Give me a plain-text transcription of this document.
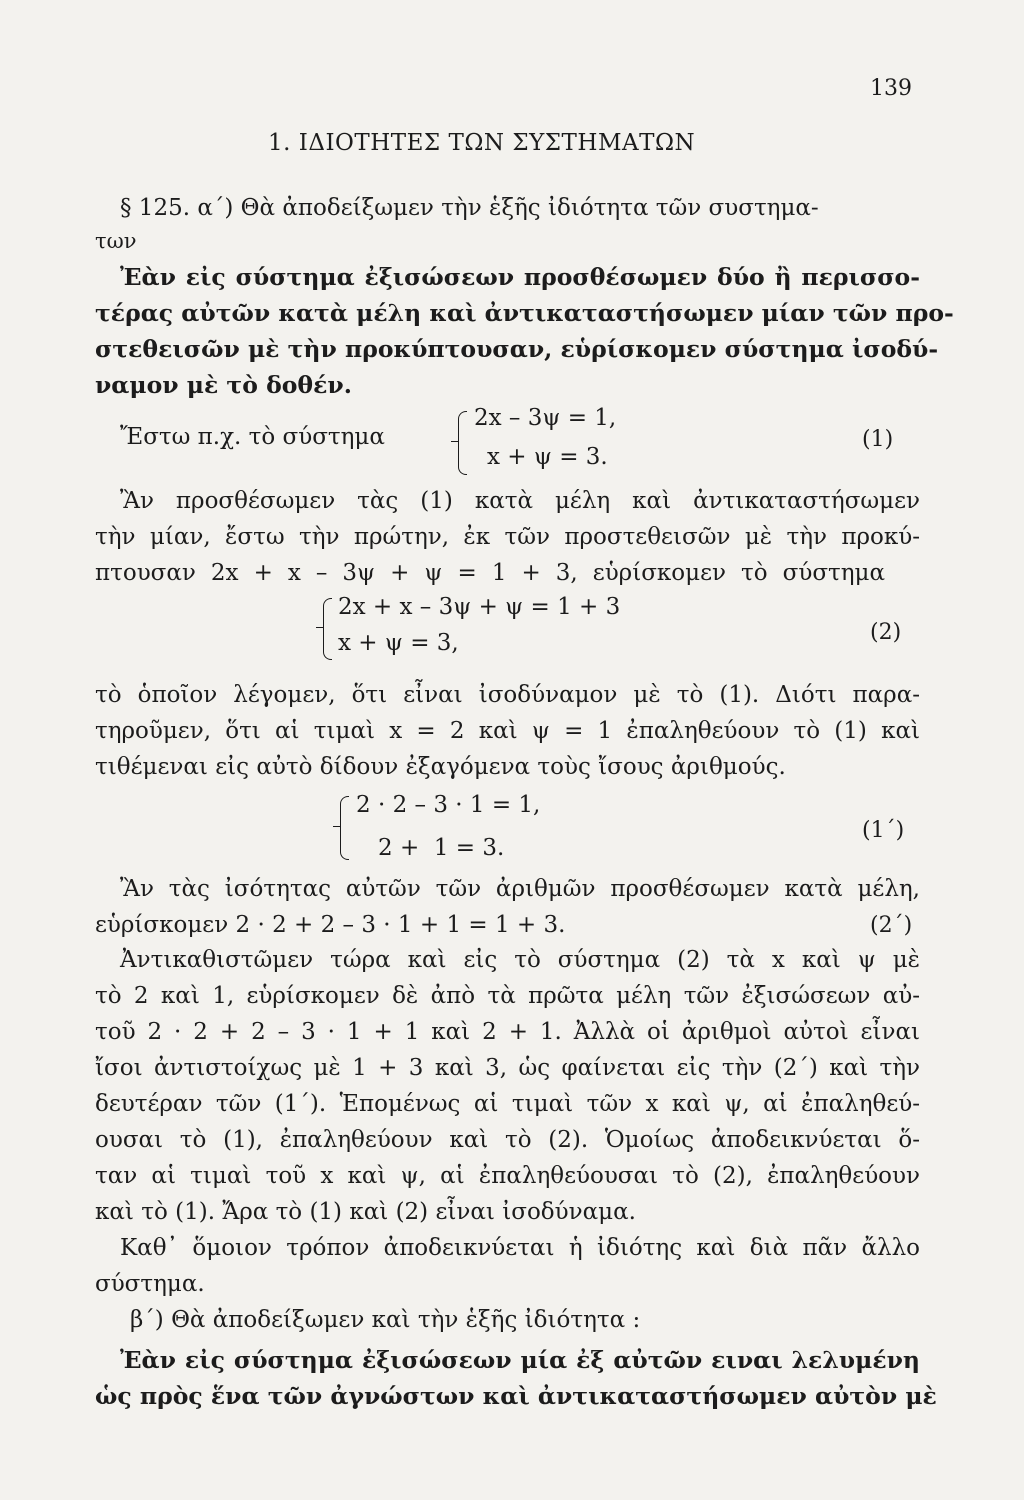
139
1. ΙΔΙΟΤΗΤΕΣ ΤΩΝ ΣΥΣΤΗΜΑΤΩΝ
§ 125. α΄) Θὰ ἀποδείξωμεν τὴν ἑξῆς ἰδιότητα τῶν συστημα-
των
Ἐὰν εἰς σύστημα ἐξισώσεων προσθέσωμεν δύο ἢ περισσο-
τέρας αὐτῶν κατὰ μέλη καὶ ἀντικαταστήσωμεν μίαν τῶν προ-
στεθεισῶν μὲ τὴν προκύπτουσαν, εὑρίσκομεν σύστημα ἰσοδύ-
ναμον μὲ τὸ δοθέν.
Ἔστω π.χ. τὸ σύστημα
2x – 3ψ = 1,
x + ψ = 3.
(1)
Ἂν προσθέσωμεν τὰς (1) κατὰ μέλη καὶ ἀντικαταστήσωμεν
τὴν μίαν, ἔστω τὴν πρώτην, ἐκ τῶν προστεθεισῶν μὲ τὴν προκύ-
πτουσαν 2x + x – 3ψ + ψ = 1 + 3, εὑρίσκομεν τὸ σύστημα
2x + x – 3ψ + ψ = 1 + 3
x + ψ = 3,	(2)
τὸ ὁποῖον λέγομεν, ὅτι εἶναι ἰσοδύναμον μὲ τὸ (1). Διότι παρα-
τηροῦμεν, ὅτι αἱ τιμαὶ x = 2 καὶ ψ = 1 ἐπαληθεύουν τὸ (1) καὶ
τιθέμεναι εἰς αὐτὸ δίδουν ἐξαγόμενα τοὺς ἴσους ἀριθμούς.
2 · 2 – 3 · 1 = 1,
2 +  1 = 3.
(1΄)
Ἂν τὰς ἰσότητας αὐτῶν τῶν ἀριθμῶν προσθέσωμεν κατὰ μέλη,
εὑρίσκομεν 2 · 2 + 2 – 3 · 1 + 1 = 1 + 3.	(2΄)
Ἀντικαθιστῶμεν τώρα καὶ εἰς τὸ σύστημα (2) τὰ x καὶ ψ μὲ
τὸ 2 καὶ 1, εὑρίσκομεν δὲ ἀπὸ τὰ πρῶτα μέλη τῶν ἐξισώσεων αὐ-
τοῦ 2 · 2 + 2 – 3 · 1 + 1 καὶ 2 + 1. Ἀλλὰ οἱ ἀριθμοὶ αὐτοὶ εἶναι
ἴσοι ἀντιστοίχως μὲ 1 + 3 καὶ 3, ὡς φαίνεται εἰς τὴν (2΄) καὶ τὴν
δευτέραν τῶν (1΄). Ἑπομένως αἱ τιμαὶ τῶν x καὶ ψ, αἱ ἐπαληθεύ-
ουσαι τὸ (1), ἐπαληθεύουν καὶ τὸ (2). Ὁμοίως ἀποδεικνύεται ὅ-
ταν αἱ τιμαὶ τοῦ x καὶ ψ, αἱ ἐπαληθεύουσαι τὸ (2), ἐπαληθεύουν
καὶ τὸ (1). Ἄρα τὸ (1) καὶ (2) εἶναι ἰσοδύναμα.
Καθ᾿ ὅμοιον τρόπον ἀποδεικνύεται ἡ ἰδιότης καὶ διὰ πᾶν ἄλλο
σύστημα.
β΄) Θὰ ἀποδείξωμεν καὶ τὴν ἑξῆς ἰδιότητα :
Ἐὰν εἰς σύστημα ἐξισώσεων μία ἐξ αὐτῶν ειναι λελυμένη
ὡς πρὸς ἕνα τῶν ἀγνώστων καὶ ἀντικαταστήσωμεν αὐτὸν μὲ
